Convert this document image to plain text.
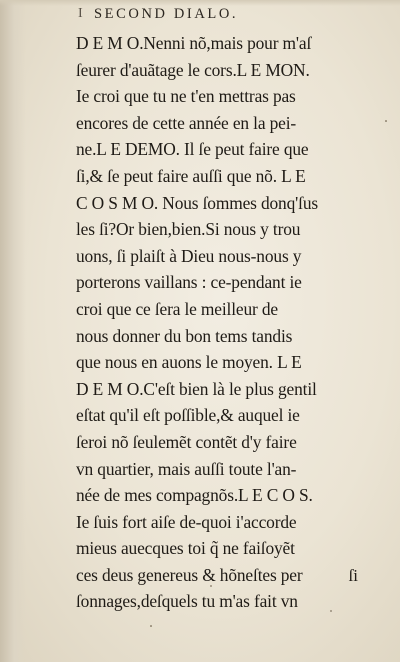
I SECOND DIALO.
D E M O.Nenni nõ,mais pour m'aſ
ſeurer d'auãtage le cors.L E MON.
Ie croi que tu ne t'en mettras pas
encores de cette année en la pei-
ne.L E DEMO. Il ſe peut faire que
ſi,& ſe peut faire auſſi que nõ. L E
C O S M O. Nous ſommes donq'ſus
les ſi?Or bien,bien.Si nous y trou
uons, ſi plaiſt à Dieu nous-nous y
porterons vaillans : ce-pendant ie
croi que ce ſera le meilleur de
nous donner du bon tems tandis
que nous en auons le moyen. L E
D E M O.C'eſt bien là le plus gentil
eſtat qu'il eſt poſſible,& auquel ie
ſeroi nõ ſeulemẽt contẽt d'y faire
vn quartier, mais auſſi toute l'an-
née de mes compagnõs.L E C O S.
Ie ſuis fort aiſe de-quoi i'accorde
mieus auecques toi q̃ ne faiſoyẽt
ces deus genereus & hõneſtes per
ſonnages,deſquels tu m'as fait vn
ſi
